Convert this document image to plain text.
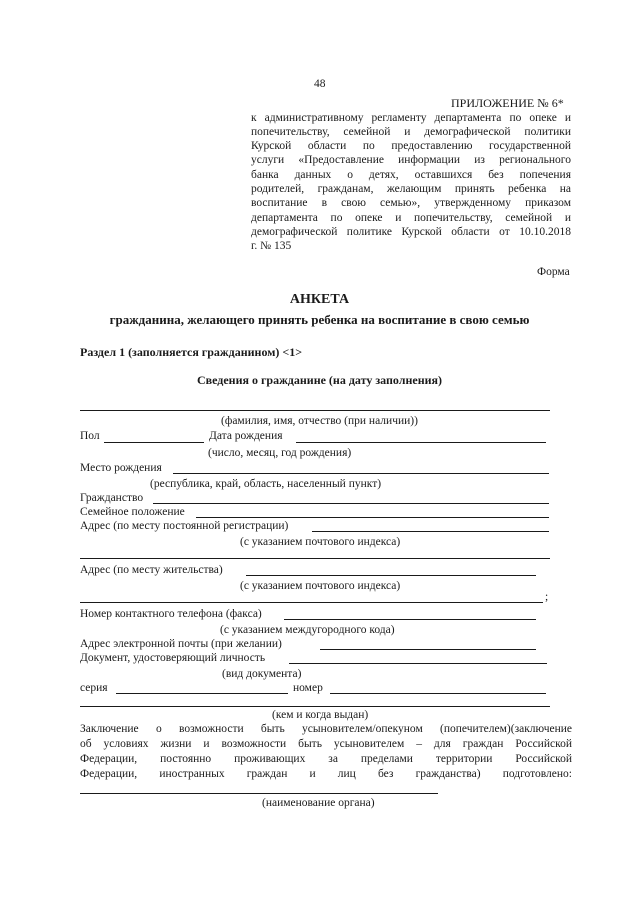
48
ПРИЛОЖЕНИЕ № 6*
к административному регламенту департамента по опеке и
попечительству, семейной и демографической политики
Курской области по предоставлению государственной
услуги «Предоставление информации из регионального
банка данных о детях, оставшихся без попечения
родителей, гражданам, желающим принять ребенка на
воспитание в свою семью», утвержденному приказом
департамента по опеке и попечительству, семейной и
демографической политике Курской области от 10.10.2018
г. № 135
Форма
АНКЕТА
гражданина, желающего принять ребенка на воспитание в свою семью
Раздел 1 (заполняется гражданином) <1>
Сведения о гражданине (на дату заполнения)
(фамилия, имя, отчество (при наличии))
Пол	Дата рождения
(число, месяц, год рождения)
Место рождения
(республика, край, область, населенный пункт)
Гражданство
Семейное положение
Адрес (по месту постоянной регистрации)
(с указанием почтового индекса)
Адрес (по месту жительства)
(с указанием почтового индекса)
;
Номер контактного телефона (факса)
(с указанием междугородного кода)
Адрес электронной почты (при желании)
Документ, удостоверяющий личность
(вид документа)
серия	номер
(кем и когда выдан)
Заключение о возможности быть усыновителем/опекуном (попечителем)(заключение
об условиях жизни и возможности быть усыновителем – для граждан Российской
Федерации, постоянно проживающих за пределами территории Российской
Федерации, иностранных граждан и лиц без гражданства) подготовлено:
(наименование органа)
